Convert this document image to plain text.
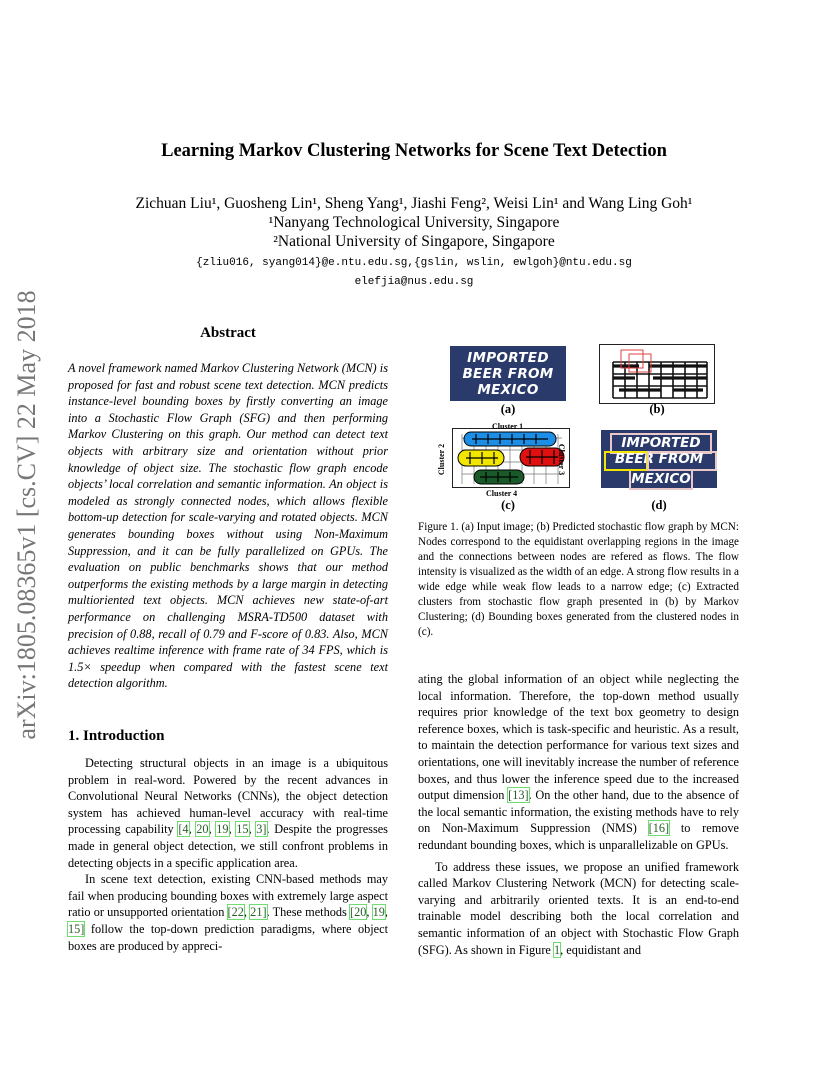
arXiv:1805.08365v1 [cs.CV] 22 May 2018
Learning Markov Clustering Networks for Scene Text Detection
Zichuan Liu¹, Guosheng Lin¹, Sheng Yang¹, Jiashi Feng², Weisi Lin¹ and Wang Ling Goh¹
¹Nanyang Technological University, Singapore
²National University of Singapore, Singapore
{zliu016, syang014}@e.ntu.edu.sg,{gslin, wslin, ewlgoh}@ntu.edu.sg
elefjia@nus.edu.sg
Abstract
A novel framework named Markov Clustering Network (MCN) is proposed for fast and robust scene text detection. MCN predicts instance-level bounding boxes by firstly converting an image into a Stochastic Flow Graph (SFG) and then performing Markov Clustering on this graph. Our method can detect text objects with arbitrary size and orientation without prior knowledge of object size. The stochastic flow graph encode objects’ local correlation and semantic information. An object is modeled as strongly connected nodes, which allows flexible bottom-up detection for scale-varying and rotated objects. MCN generates bounding boxes without using Non-Maximum Suppression, and it can be fully parallelized on GPUs. The evaluation on public benchmarks shows that our method outperforms the existing methods by a large margin in detecting multioriented text objects. MCN achieves new state-of-art performance on challenging MSRA-TD500 dataset with precision of 0.88, recall of 0.79 and F-score of 0.83. Also, MCN achieves realtime inference with frame rate of 34 FPS, which is 1.5× speedup when compared with the fastest scene text detection algorithm.
1. Introduction

Detecting structural objects in an image is a ubiquitous problem in real-word. Powered by the recent advances in Convolutional Neural Networks (CNNs), the object detection system has achieved human-level accuracy with real-time processing capability [4, 20, 19, 15, 3]. Despite the progresses made in general object detection, we still confront problems in detecting objects in a specific application area.

In scene text detection, existing CNN-based methods may fail when producing bounding boxes with extremely large aspect ratio or unsupported orientation [22, 21]. These methods [20, 19, 15] follow the top-down prediction paradigms, where object boxes are produced by appreci-

IMPORTED
BEER FROM
MEXICO
(a)	(b)
Cluster 1
Cluster 2	Cluster 3
Cluster 4
(c)
IMPORTED
BEER FROM
MEXICO
(d)
Figure 1. (a) Input image; (b) Predicted stochastic flow graph by MCN: Nodes correspond to the equidistant overlapping regions in the image and the connections between nodes are refered as flows. The flow intensity is visualized as the width of an edge. A strong flow results in a wide edge while weak flow leads to a narrow edge; (c) Extracted clusters from stochastic flow graph presented in (b) by Markov Clustering; (d) Bounding boxes generated from the clustered nodes in (c).

ating the global information of an object while neglecting the local information. Therefore, the top-down method usually requires prior knowledge of the text box geometry to design reference boxes, which is task-specific and heuristic. As a result, to maintain the detection performance for various text sizes and orientations, one will inevitably increase the number of reference boxes, and thus lower the inference speed due to the increased output dimension [13]. On the other hand, due to the absence of the local semantic information, the existing methods have to rely on Non-Maximum Suppression (NMS) [16] to remove redundant bounding boxes, which is unparallelizable on GPUs.

To address these issues, we propose an unified framework called Markov Clustering Network (MCN) for detecting scale-varying and arbitrarily oriented texts. It is an end-to-end trainable model describing both the local correlation and semantic information of an object with Stochastic Flow Graph (SFG). As shown in Figure 1, equidistant and
